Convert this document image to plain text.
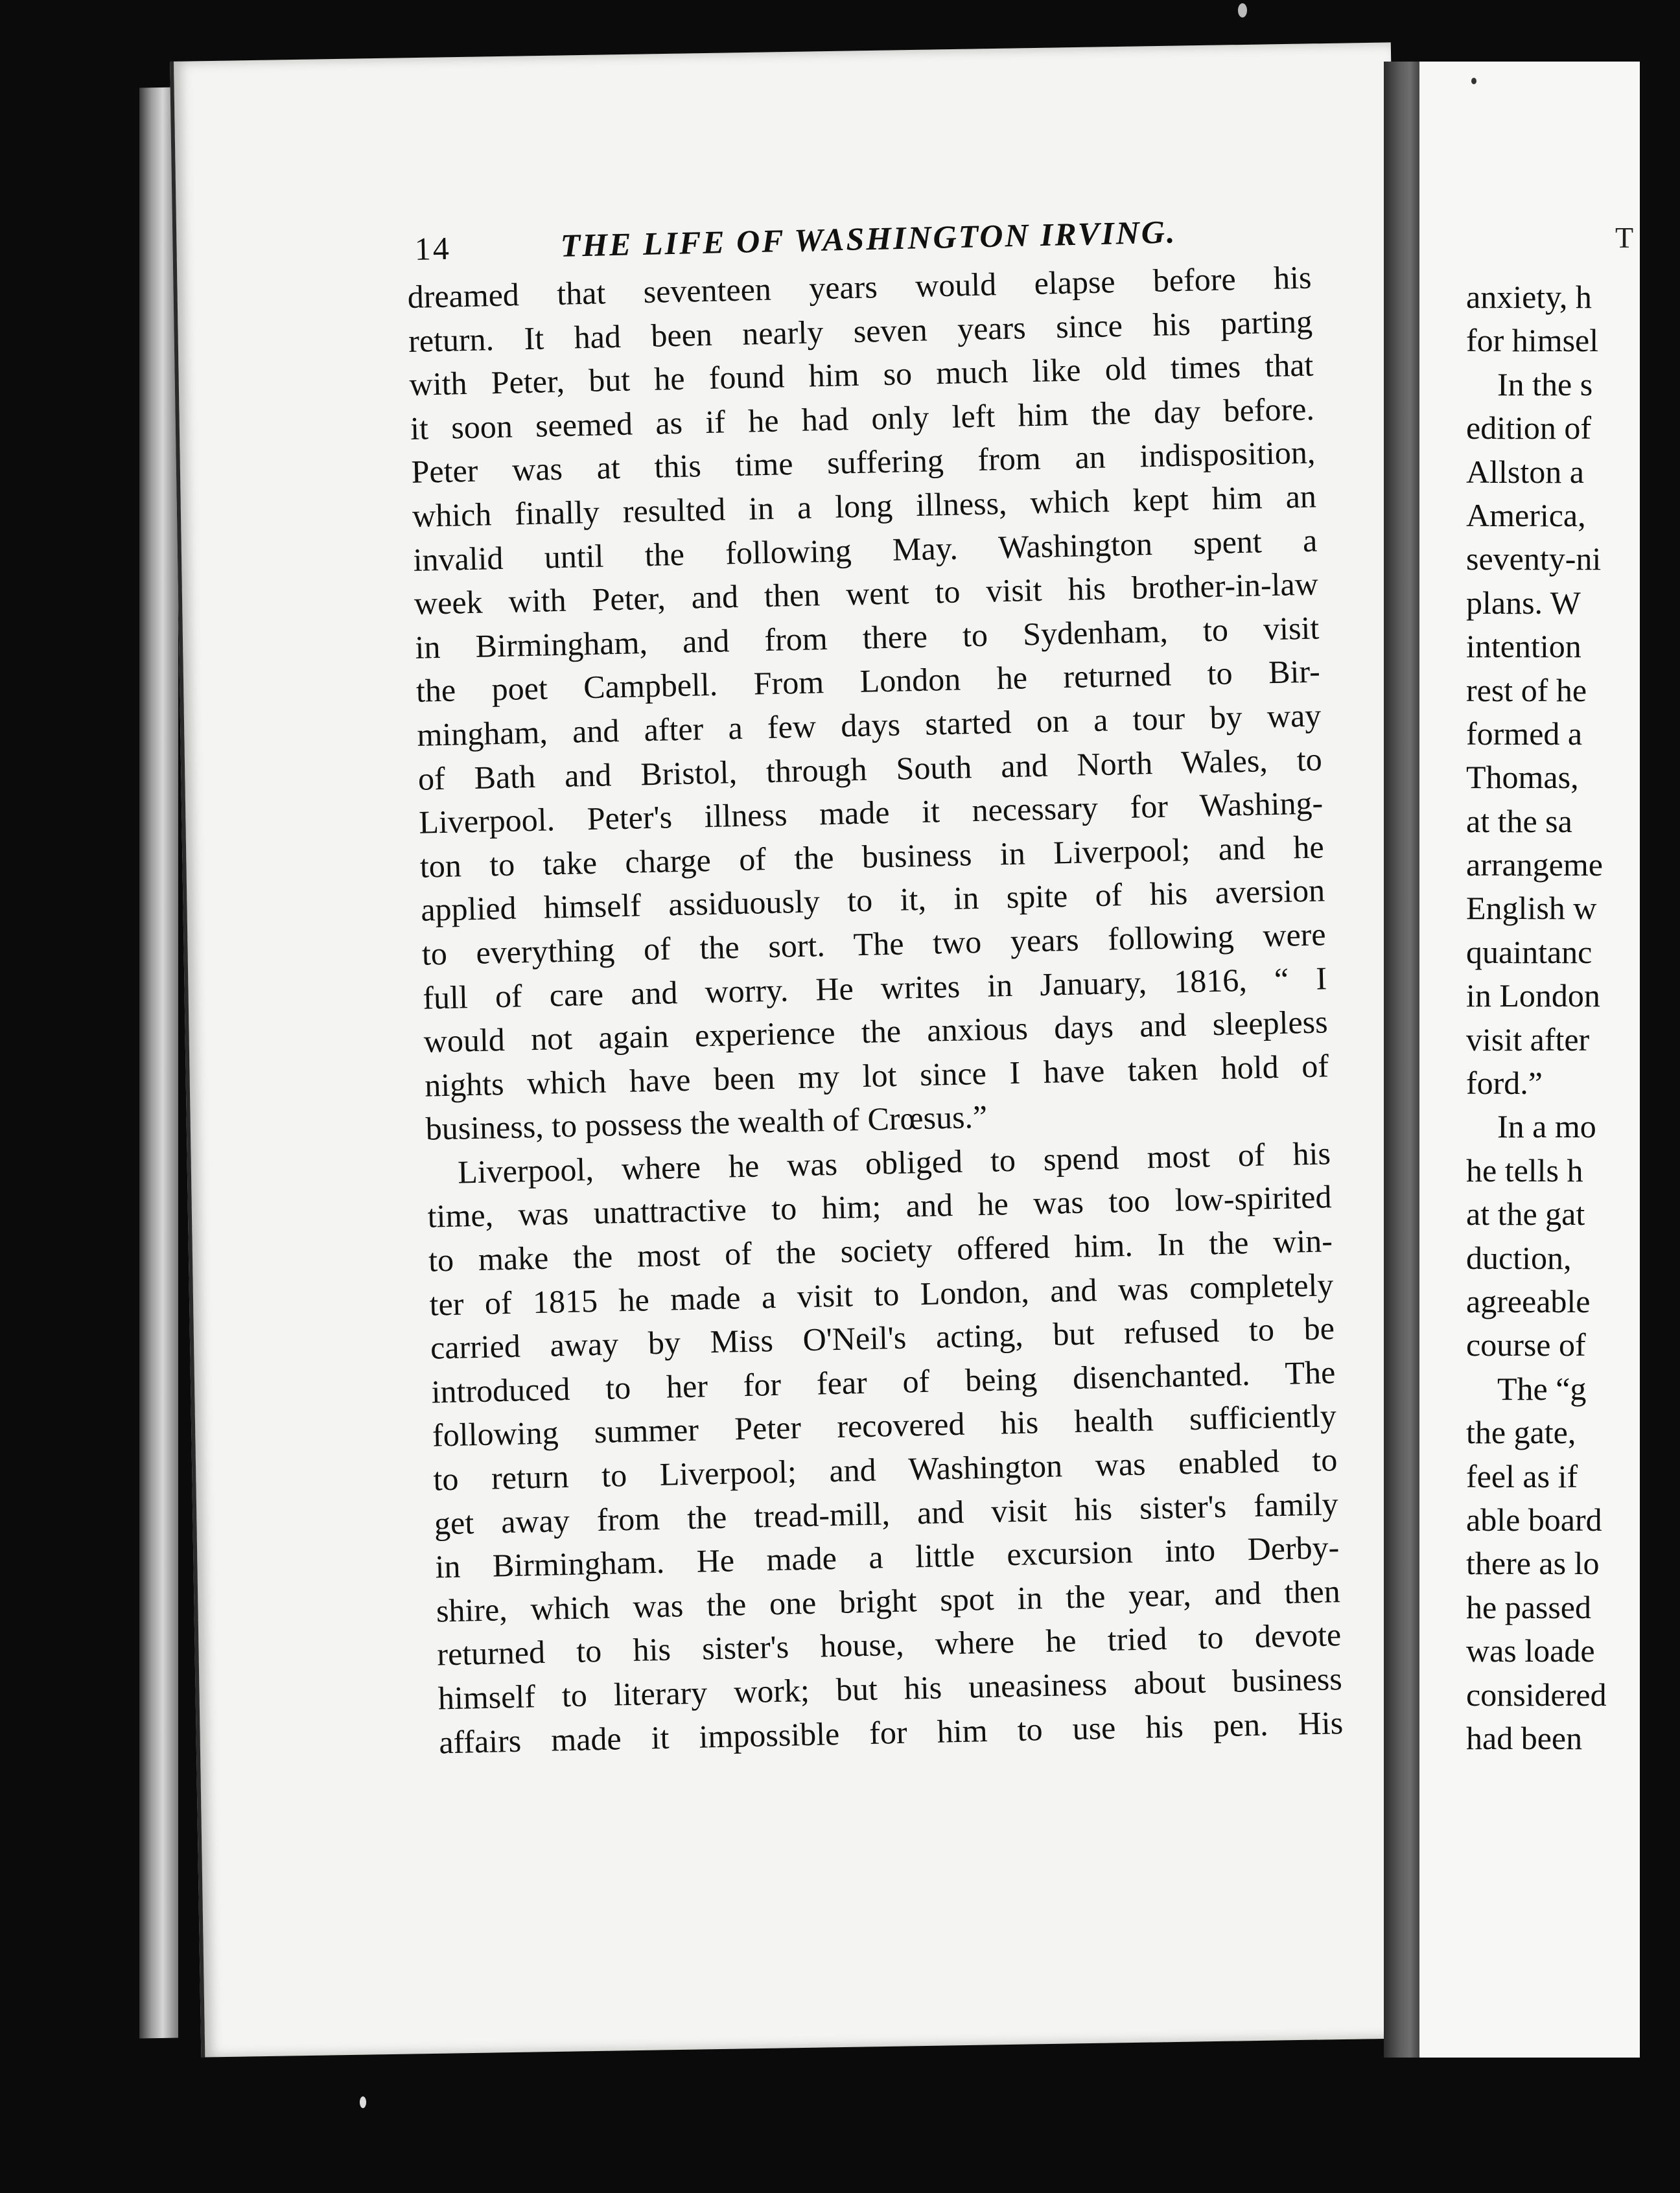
14	THE LIFE OF WASHINGTON IRVING.
dreamed that seventeen years would elapse before his
return. It had been nearly seven years since his parting
with Peter, but he found him so much like old times that
it soon seemed as if he had only left him the day before.
Peter was at this time suffering from an indisposition,
which finally resulted in a long illness, which kept him an
invalid until the following May. Washington spent a
week with Peter, and then went to visit his brother-in-law
in Birmingham, and from there to Sydenham, to visit
the poet Campbell. From London he returned to Bir-
mingham, and after a few days started on a tour by way
of Bath and Bristol, through South and North Wales, to
Liverpool. Peter's illness made it necessary for Washing-
ton to take charge of the business in Liverpool; and he
applied himself assiduously to it, in spite of his aversion
to everything of the sort. The two years following were
full of care and worry. He writes in January, 1816, “ I
would not again experience the anxious days and sleepless
nights which have been my lot since I have taken hold of
business, to possess the wealth of Crœsus.”
Liverpool, where he was obliged to spend most of his
time, was unattractive to him; and he was too low-spirited
to make the most of the society offered him. In the win-
ter of 1815 he made a visit to London, and was completely
carried away by Miss O'Neil's acting, but refused to be
introduced to her for fear of being disenchanted. The
following summer Peter recovered his health sufficiently
to return to Liverpool; and Washington was enabled to
get away from the tread-mill, and visit his sister's family
in Birmingham. He made a little excursion into Derby-
shire, which was the one bright spot in the year, and then
returned to his sister's house, where he tried to devote
himself to literary work; but his uneasiness about business
affairs made it impossible for him to use his pen. His
T
anxiety, h
for himsel
In the s
edition of
Allston a
America,
seventy-ni
plans. W
intention
rest of he
formed a
Thomas,
at the sa
arrangeme
English w
quaintanc
in London
visit after
ford.”
In a mo
he tells h
at the gat
duction,
agreeable
course of
The “g
the gate,
feel as if
able board
there as lo
he passed
was loade
considered
had been
